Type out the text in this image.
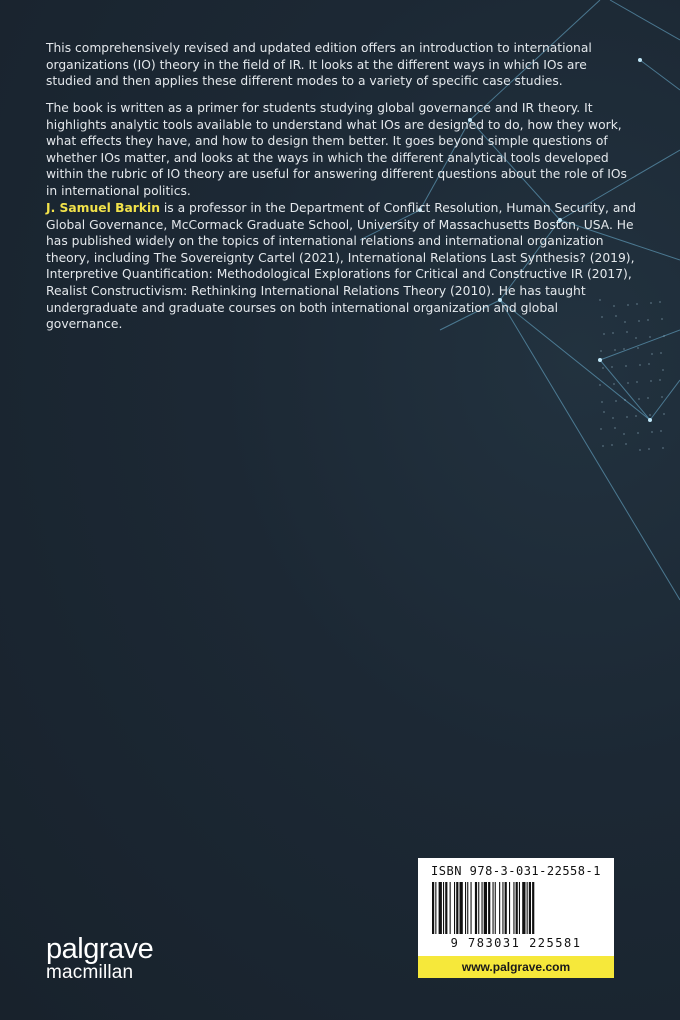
This comprehensively revised and updated edition offers an introduction to international organizations (IO) theory in the field of IR. It looks at the different ways in which IOs are studied and then applies these different modes to a variety of specific case studies.

The book is written as a primer for students studying global governance and IR theory. It highlights analytic tools available to understand what IOs are designed to do, how they work, what effects they have, and how to design them better. It goes beyond simple questions of whether IOs matter, and looks at the ways in which the different analytical tools developed within the rubric of IO theory are useful for answering different questions about the role of IOs in international politics.

J. Samuel Barkin is a professor in the Department of Conflict Resolution, Human Security, and Global Governance, McCormack Graduate School, University of Massachusetts Boston, USA. He has published widely on the topics of international relations and international organization theory, including The Sovereignty Cartel (2021), International Relations Last Synthesis? (2019), Interpretive Quantification: Methodological Explorations for Critical and Constructive IR (2017), Realist Constructivism: Rethinking International Relations Theory (2010). He has taught undergraduate and graduate courses on both international organization and global governance.

ISBN 978-3-031-22558-1
9 783031 225581
www.palgrave.com
palgrave
macmillan
